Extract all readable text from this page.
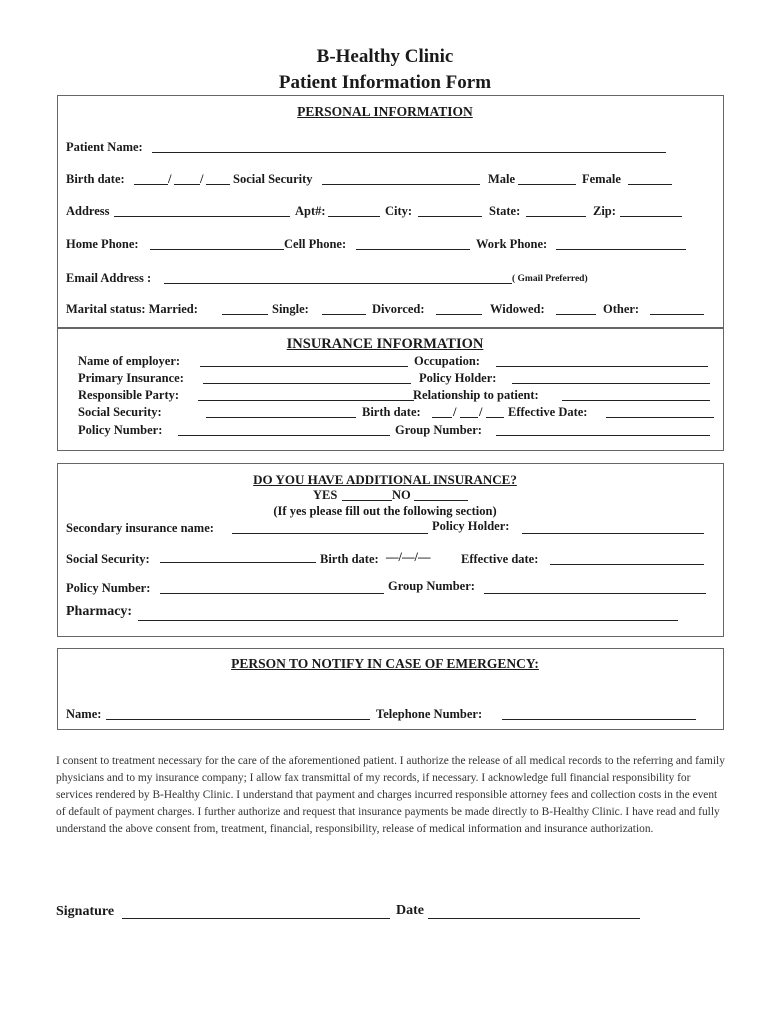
B-Healthy Clinic
Patient Information Form
PERSONAL INFORMATION
Patient Name:
Birth date:	/ / Social Security	Male	Female
Address	Apt#:	City:	State:	Zip:
Home Phone:	Cell Phone:	Work Phone:
Email Address :	( Gmail Preferred)
Marital status: Married:	Single:	Divorced:	Widowed:	Other:
INSURANCE INFORMATION
Name of employer:	Occupation:
Primary Insurance:	Policy Holder:
Responsible Party:	Relationship to patient:
Social Security:	Birth date:	/ / Effective Date:
Policy Number:	Group Number:
DO YOU HAVE ADDITIONAL INSURANCE?
YES	NO
(If yes please fill out the following section)
Secondary insurance name:	Policy Holder:
Social Security:	Birth date: —/—/— Effective date:
Policy Number:	Group Number:
Pharmacy:
PERSON TO NOTIFY IN CASE OF EMERGENCY:
Name:	Telephone Number:
I consent to treatment necessary for the care of the aforementioned patient. I authorize the release of all medical records to the referring and family physicians and to my insurance company; I allow fax transmittal of my records, if necessary. I acknowledge full financial responsibility for services rendered by B-Healthy Clinic. I understand that payment and charges incurred responsible attorney fees and collection costs in the event of default of payment charges. I further authorize and request that insurance payments be made directly to B-Healthy Clinic. I have read and fully understand the above consent from, treatment, financial, responsibility, release of medical information and insurance authorization.
Signature	Date
